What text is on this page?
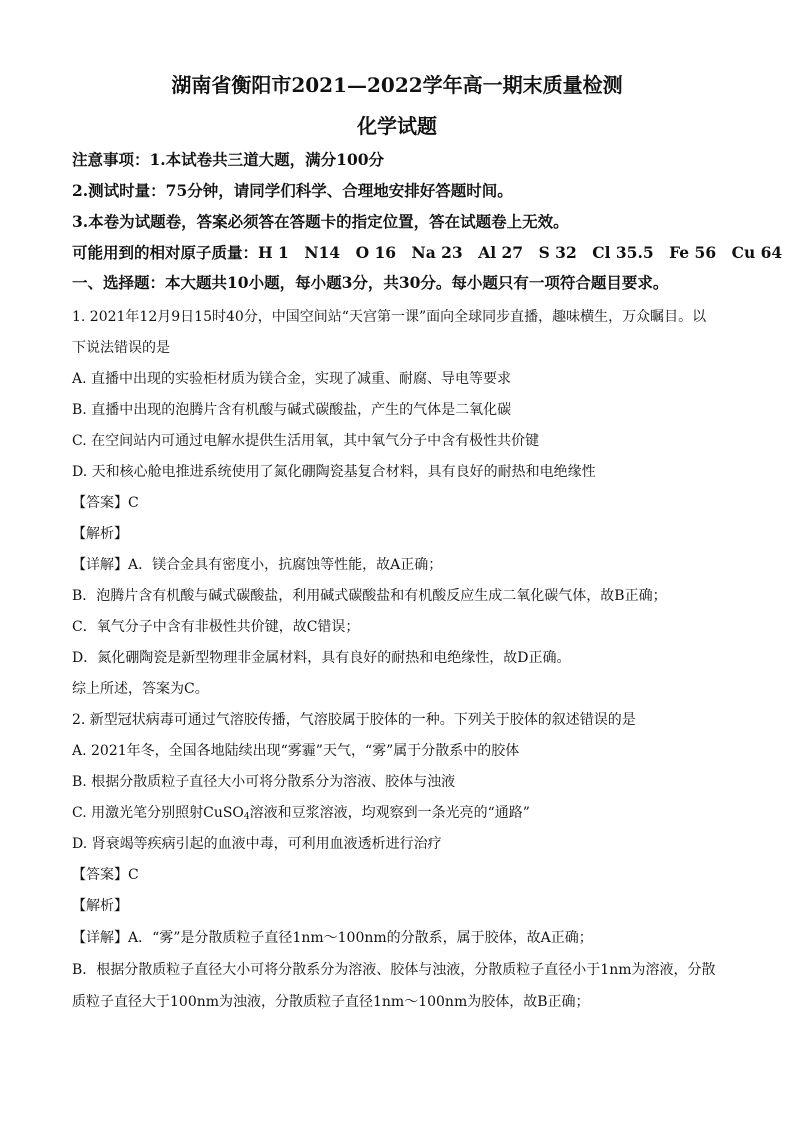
湖南省衡阳市2021—2022学年高一期末质量检测
化学试题
注意事项：1.本试卷共三道大题，满分100分
2.测试时量：75分钟，请同学们科学、合理地安排好答题时间。
3.本卷为试题卷，答案必须答在答题卡的指定位置，答在试题卷上无效。
可能用到的相对原子质量：H 1　N14　O 16　Na 23　Al 27　S 32　Cl 35.5　Fe 56　Cu 64
一、选择题：本大题共10小题，每小题3分，共30分。每小题只有一项符合题目要求。
1. 2021年12月9日15时40分，中国空间站“天宫第一课”面向全球同步直播，趣味横生，万众瞩目。以
下说法错误的是
A. 直播中出现的实验柜材质为镁合金，实现了减重、耐腐、导电等要求
B. 直播中出现的泡腾片含有机酸与碱式碳酸盐，产生的气体是二氧化碳
C. 在空间站内可通过电解水提供生活用氧，其中氧气分子中含有极性共价键
D. 天和核心舱电推进系统使用了氮化硼陶瓷基复合材料，具有良好的耐热和电绝缘性
【答案】C
【解析】
【详解】A．镁合金具有密度小，抗腐蚀等性能，故A正确；
B．泡腾片含有机酸与碱式碳酸盐，利用碱式碳酸盐和有机酸反应生成二氧化碳气体，故B正确；
C．氧气分子中含有非极性共价键，故C错误；
D．氮化硼陶瓷是新型物理非金属材料，具有良好的耐热和电绝缘性，故D正确。
综上所述，答案为C。
2. 新型冠状病毒可通过气溶胶传播，气溶胶属于胶体的一种。下列关于胶体的叙述错误的是
A. 2021年冬，全国各地陆续出现“雾霾”天气，“雾”属于分散系中的胶体
B. 根据分散质粒子直径大小可将分散系分为溶液、胶体与浊液
C. 用激光笔分别照射CuSO$_4$溶液和豆浆溶液，均观察到一条光亮的“通路”
D. 肾衰竭等疾病引起的血液中毒，可利用血液透析进行治疗
【答案】C
【解析】
【详解】A．“雾”是分散质粒子直径1nm～100nm的分散系，属于胶体，故A正确；
B．根据分散质粒子直径大小可将分散系分为溶液、胶体与浊液，分散质粒子直径小于1nm为溶液，分散
质粒子直径大于100nm为浊液，分散质粒子直径1nm～100nm为胶体，故B正确；
